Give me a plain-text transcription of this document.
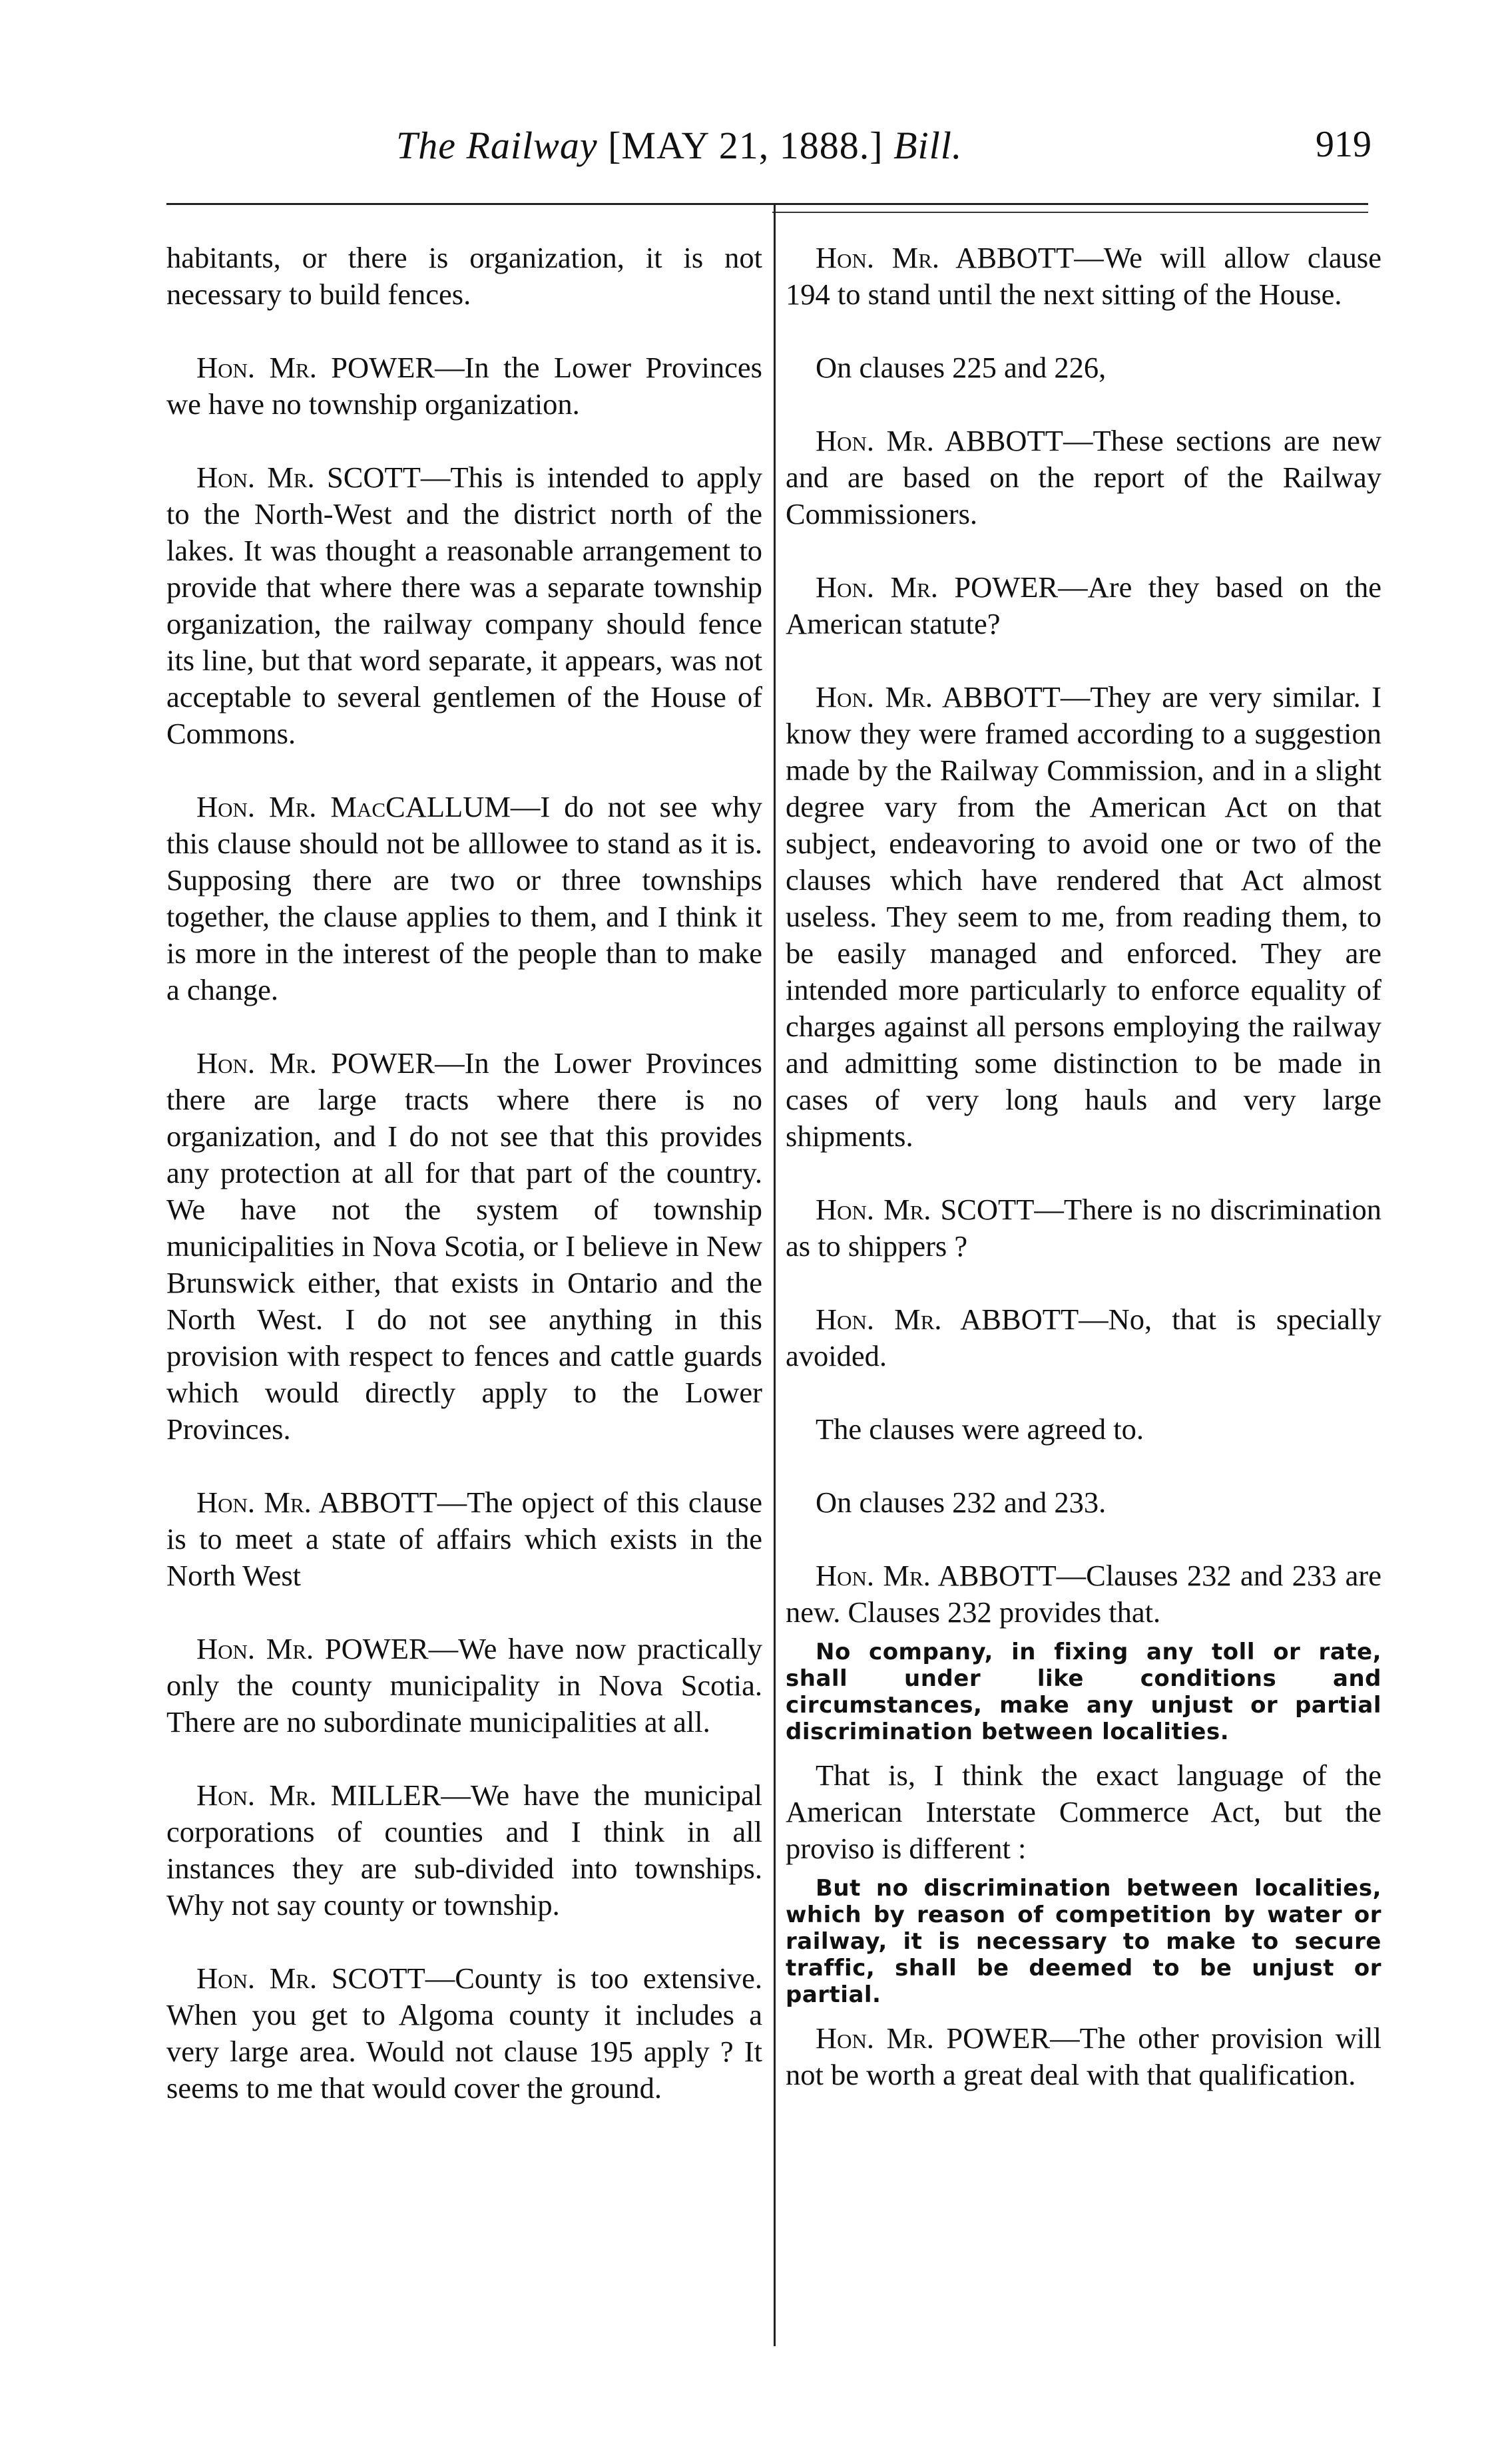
The Railway [MAY 21, 1888.] Bill.	919

habitants, or there is organization, it is not necessary to build fences.

Hon. Mr. POWER—In the Lower Provinces we have no township organization.

Hon. Mr. SCOTT—This is intended to apply to the North-West and the district north of the lakes. It was thought a reasonable arrangement to provide that where there was a separate township organization, the railway company should fence its line, but that word separate, it appears, was not acceptable to several gentlemen of the House of Commons.

Hon. Mr. MacCALLUM—I do not see why this clause should not be alllowee to stand as it is. Supposing there are two or three townships together, the clause applies to them, and I think it is more in the interest of the people than to make a change.

Hon. Mr. POWER—In the Lower Provinces there are large tracts where there is no organization, and I do not see that this provides any protection at all for that part of the country. We have not the system of township municipalities in Nova Scotia, or I believe in New Brunswick either, that exists in Ontario and the North West. I do not see anything in this provision with respect to fences and cattle guards which would directly apply to the Lower Provinces.

Hon. Mr. ABBOTT—The opject of this clause is to meet a state of affairs which exists in the North West

Hon. Mr. POWER—We have now practically only the county municipality in Nova Scotia. There are no subordinate municipalities at all.

Hon. Mr. MILLER—We have the municipal corporations of counties and I think in all instances they are sub-divided into townships. Why not say county or township.

Hon. Mr. SCOTT—County is too extensive. When you get to Algoma county it includes a very large area. Would not clause 195 apply ? It seems to me that would cover the ground.

Hon. Mr. ABBOTT—We will allow clause 194 to stand until the next sitting of the House.

On clauses 225 and 226,

Hon. Mr. ABBOTT—These sections are new and are based on the report of the Railway Commissioners.

Hon. Mr. POWER—Are they based on the American statute?

Hon. Mr. ABBOTT—They are very similar. I know they were framed according to a suggestion made by the Railway Commission, and in a slight degree vary from the American Act on that subject, endeavoring to avoid one or two of the clauses which have rendered that Act almost useless. They seem to me, from reading them, to be easily managed and enforced. They are intended more particularly to enforce equality of charges against all persons employing the railway and admitting some distinction to be made in cases of very long hauls and very large shipments.

Hon. Mr. SCOTT—There is no discrimination as to shippers ?

Hon. Mr. ABBOTT—No, that is specially avoided.

The clauses were agreed to.

On clauses 232 and 233.

Hon. Mr. ABBOTT—Clauses 232 and 233 are new. Clauses 232 provides that.

No company, in fixing any toll or rate, shall under like conditions and circumstances, make any unjust or partial discrimination between localities.

That is, I think the exact language of the American Interstate Commerce Act, but the proviso is different :

But no discrimination between localities, which by reason of competition by water or railway, it is necessary to make to secure traffic, shall be deemed to be unjust or partial.

Hon. Mr. POWER—The other provision will not be worth a great deal with that qualification.
